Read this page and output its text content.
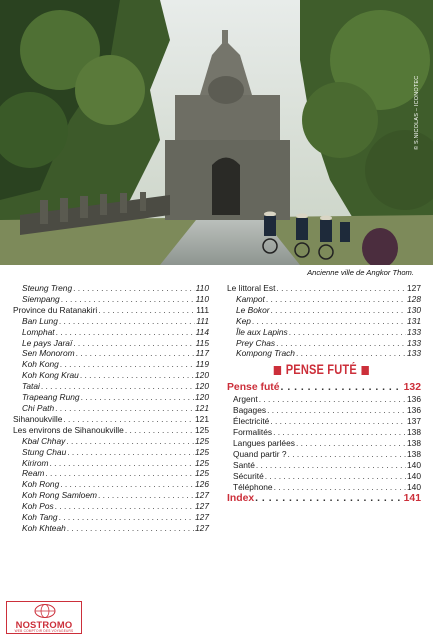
© S.NICOLAS – ICONOTEC
Ancienne ville de Angkor Thom.
Steung Treng . . .	110
Siempang . . .	110
Province du Ratanakiri . . .	111
Ban Lung . . .	111
Lomphat . . .	114
Le pays Jaraï . . .	115
Sen Monorom . . .	117
Koh Kong . . .	119
Koh Kong Krau . . .	120
Tatai . . .	120
Trapeang Rung . . .	120
Chi Path . . .	121
Sihanoukville . . .	121
Les environs de Sihanoukville . . .	125
Kbal Chhay . . .	125
Stung Chau . . .	125
Kirirom . . .	125
Ream . . .	125
Koh Rong . . .	126
Koh Rong Samloem . . .	127
Koh Pos . . .	127
Koh Tang . . .	127
Koh Khteah . . .	127
Le littoral Est . . .	127
Kampot . . .	128
Le Bokor . . .	130
Kep . . .	131
Île aux Lapins . . .	133
Prey Chas . . .	133
Kompong Trach . . .	133
PENSE FUTÉ
Pense futé . . .	132
Argent . . .	136
Bagages . . .	136
Électricité . . .	137
Formalités . . .	138
Langues parlées . . .	138
Quand partir ? . . .	138
Santé . . .	140
Sécurité . . .	140
Téléphone . . .	140
Index . . .	141
NOSTROMO
WEB COMPTOIR DES VOYAGEURS
